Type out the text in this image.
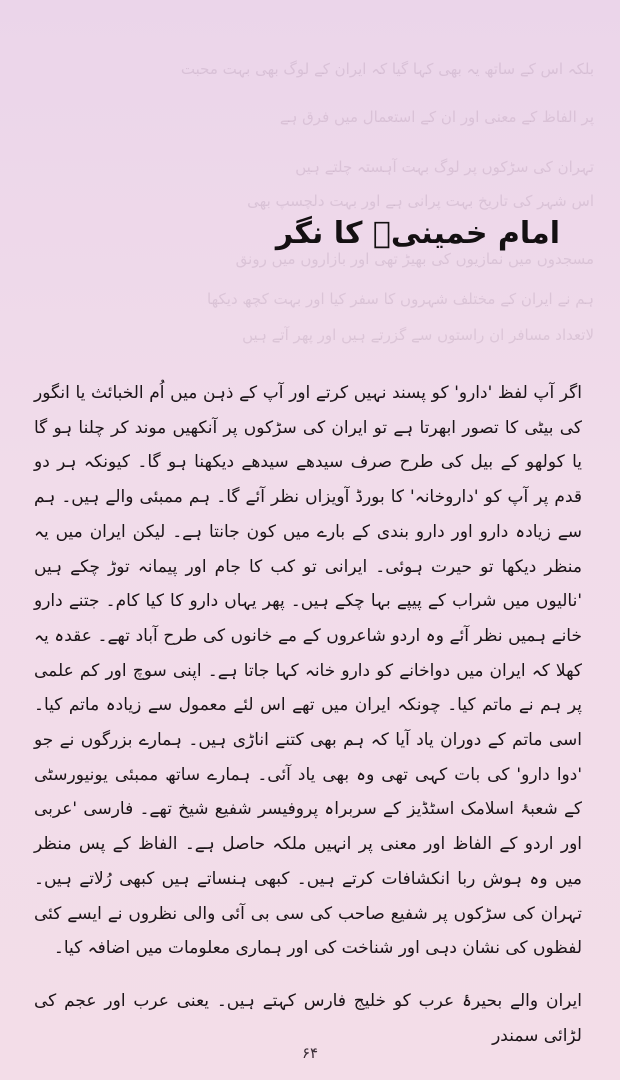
بلکہ اس کے ساتھ یہ بھی کہا گیا کہ ایران کے لوگ بھی بہت محبت
پر الفاظ کے معنی اور ان کے استعمال میں فرق ہے
تہران کی سڑکوں پر لوگ بہت آہستہ چلتے ہیں
اس شہر کی تاریخ بہت پرانی ہے اور بہت دلچسپ بھی
مسجدوں میں نمازیوں کی بھیڑ تھی اور بازاروں میں رونق
ہم نے ایران کے مختلف شہروں کا سفر کیا اور بہت کچھ دیکھا
لاتعداد مسافر ان راستوں سے گزرتے ہیں اور پھر آتے ہیں
امام خمینیؒ کا نگر

اگر آپ لفظ 'دارو' کو پسند نہیں کرتے اور آپ کے ذہن میں اُم الخبائث یا انگور کی بیٹی کا تصور ابھرتا ہے تو ایران کی سڑکوں پر آنکھیں موند کر چلنا ہو گا یا کولھو کے بیل کی طرح صرف سیدھے سیدھے دیکھنا ہو گا۔ کیونکہ ہر دو قدم پر آپ کو 'داروخانہ' کا بورڈ آویزاں نظر آئے گا۔ ہم ممبئی والے ہیں۔ ہم سے زیادہ دارو اور دارو بندی کے بارے میں کون جانتا ہے۔ لیکن ایران میں یہ منظر دیکھا تو حیرت ہوئی۔ ایرانی تو کب کا جام اور پیمانہ توڑ چکے ہیں 'نالیوں میں شراب کے پیپے بہا چکے ہیں۔ پھر یہاں دارو کا کیا کام۔ جتنے دارو خانے ہمیں نظر آئے وہ اردو شاعروں کے مے خانوں کی طرح آباد تھے۔ عقدہ یہ کھلا کہ ایران میں دواخانے کو دارو خانہ کہا جاتا ہے۔ اپنی سوچ اور کم علمی پر ہم نے ماتم کیا۔ چونکہ ایران میں تھے اس لئے معمول سے زیادہ ماتم کیا۔ اسی ماتم کے دوران یاد آیا کہ ہم بھی کتنے اناڑی ہیں۔ ہمارے بزرگوں نے جو 'دوا دارو' کی بات کہی تھی وہ بھی یاد آئی۔ ہمارے ساتھ ممبئی یونیورسٹی کے شعبۂ اسلامک اسٹڈیز کے سربراہ پروفیسر شفیع شیخ تھے۔ فارسی 'عربی اور اردو کے الفاظ اور معنی پر انہیں ملکہ حاصل ہے۔ الفاظ کے پس منظر میں وہ ہوش ربا انکشافات کرتے ہیں۔ کبھی ہنساتے ہیں کبھی رُلاتے ہیں۔ تہران کی سڑکوں پر شفیع صاحب کی سی بی آئی والی نظروں نے ایسے کئی لفظوں کی نشان دہی اور شناخت کی اور ہماری معلومات میں اضافہ کیا۔

ایران والے بحیرۂ عرب کو خلیج فارس کہتے ہیں۔ یعنی عرب اور عجم کی لڑائی سمندر

۶۴
